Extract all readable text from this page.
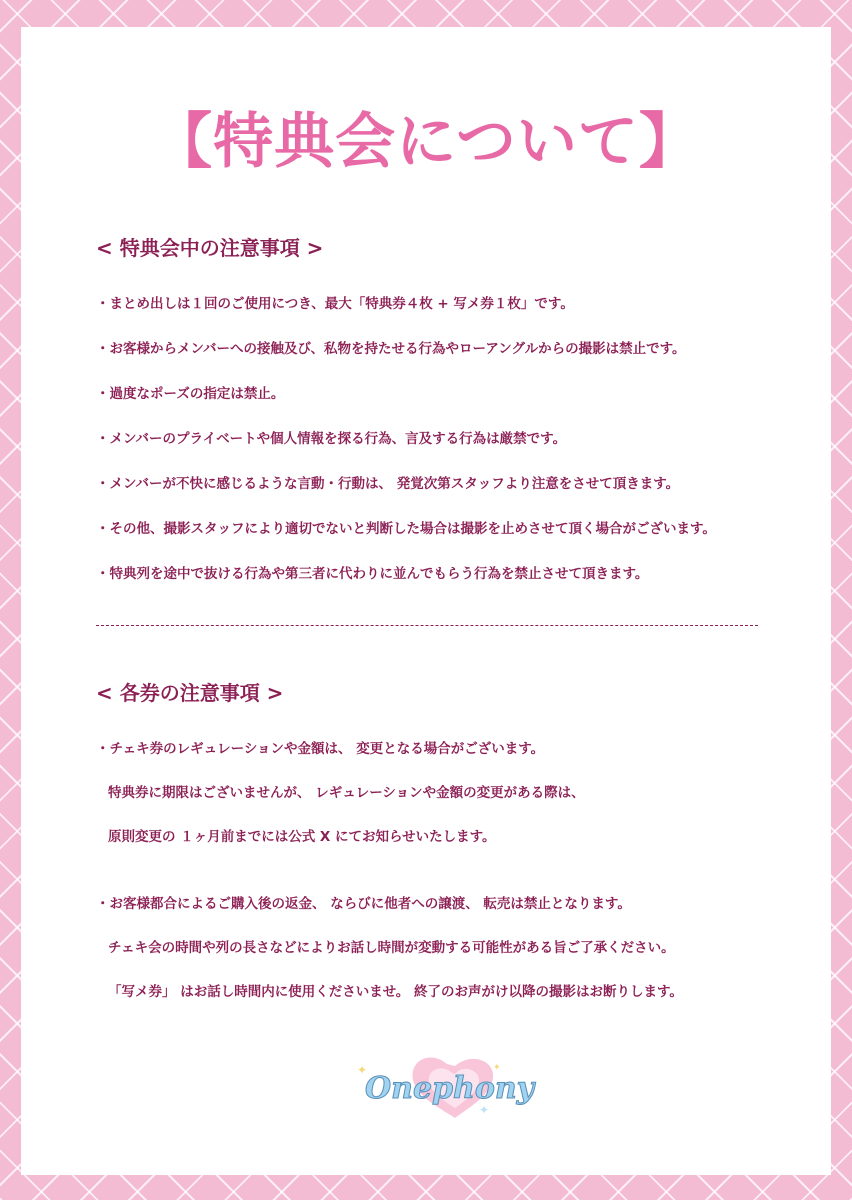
【特典会について】
< 特典会中の注意事項 >
・まとめ出しは１回のご使用につき、最大「特典券４枚 + 写メ券１枚」です。
・お客様からメンバーへの接触及び、私物を持たせる行為やローアングルからの撮影は禁止です。
・過度なポーズの指定は禁止。
・メンバーのプライベートや個人情報を探る行為、言及する行為は厳禁です。
・メンバーが不快に感じるような言動・行動は、 発覚次第スタッフより注意をさせて頂きます。
・その他、撮影スタッフにより適切でないと判断した場合は撮影を止めさせて頂く場合がございます。
・特典列を途中で抜ける行為や第三者に代わりに並んでもらう行為を禁止させて頂きます。
< 各券の注意事項 >

・チェキ券のレギュレーションや金額は、 変更となる場合がございます。

特典券に期限はございませんが、 レギュレーションや金額の変更がある際は、

原則変更の １ヶ月前までには公式 X にてお知らせいたします。

・お客様都合によるご購入後の返金、 ならびに他者への譲渡、 転売は禁止となります。

チェキ会の時間や列の長さなどによりお話し時間が変動する可能性がある旨ご了承ください。

「写メ券」 はお話し時間内に使用くださいませ。 終了のお声がけ以降の撮影はお断りします。

Onephony
✦
✦
✦
